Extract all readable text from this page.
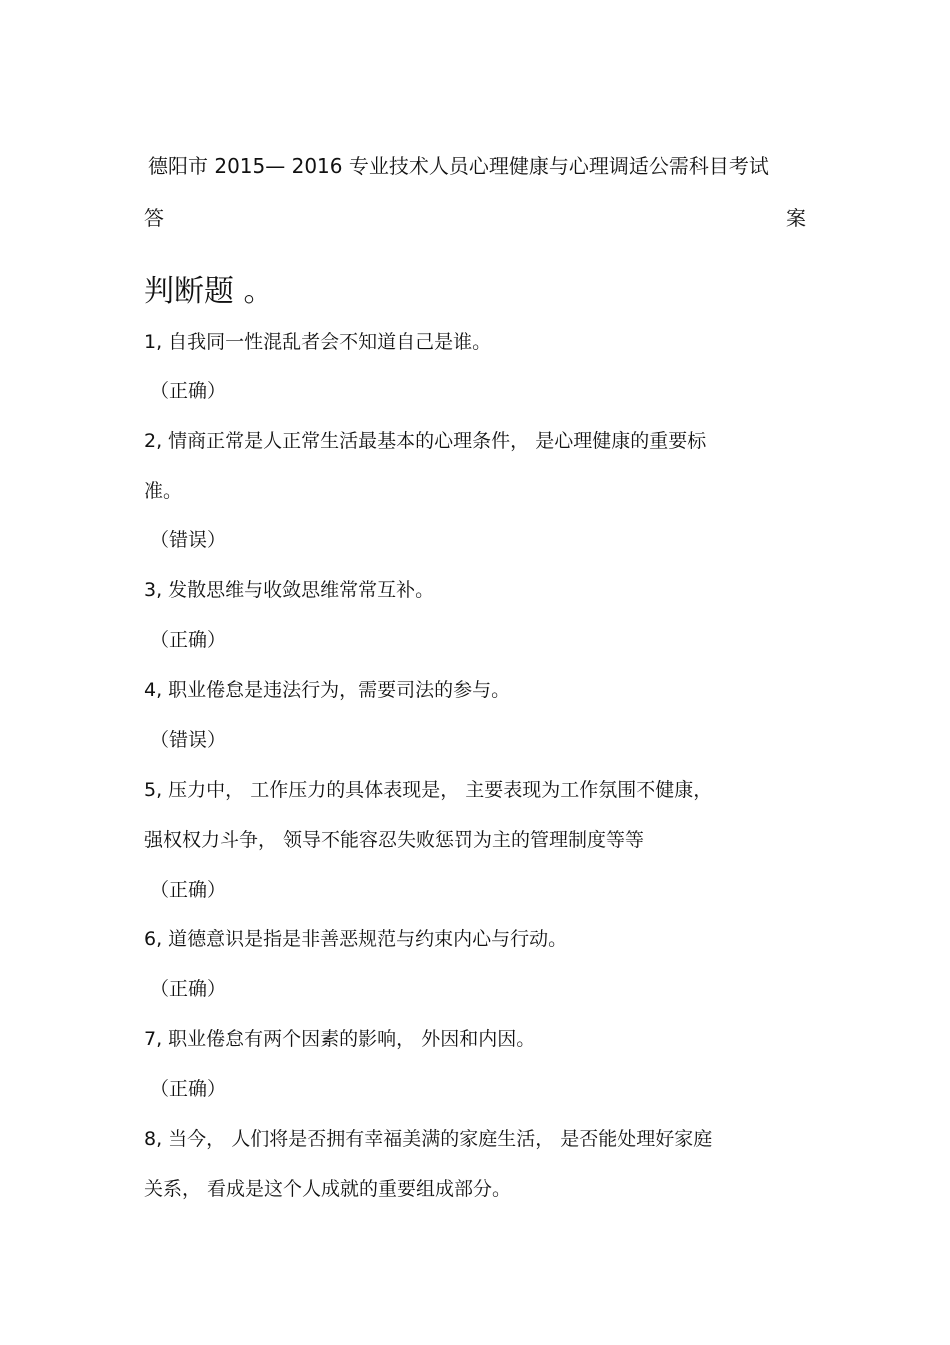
德阳市 2015— 2016 专业技术人员心理健康与心理调适公需科目考试
答	案
判断题 。
1, 自我同一性混乱者会不知道自己是谁。
（正确）
2, 情商正常是人正常生活最基本的心理条件， 是心理健康的重要标
准。
（错误）
3, 发散思维与收敛思维常常互补。
（正确）
4, 职业倦怠是违法行为，需要司法的参与。
（错误）
5, 压力中， 工作压力的具体表现是， 主要表现为工作氛围不健康，
强权权力斗争， 领导不能容忍失败惩罚为主的管理制度等等
（正确）
6, 道德意识是指是非善恶规范与约束内心与行动。
（正确）
7, 职业倦怠有两个因素的影响， 外因和内因。
（正确）
8, 当今， 人们将是否拥有幸福美满的家庭生活， 是否能处理好家庭
关系， 看成是这个人成就的重要组成部分。
